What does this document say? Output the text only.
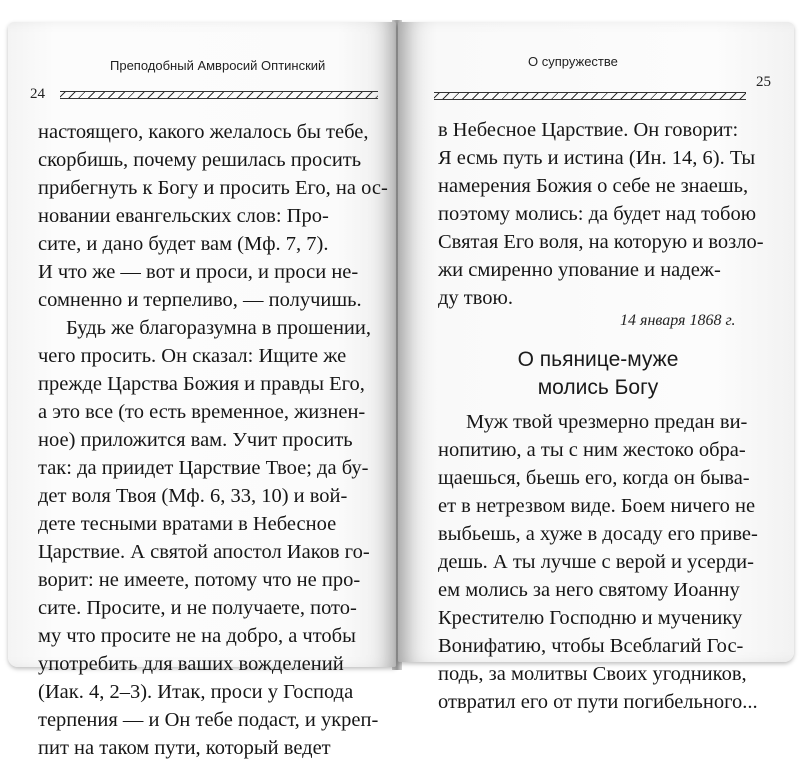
Преподобный Амвросий Оптинский
24
настоящего, какого желалось бы тебе,
скорбишь, почему решилась просить
прибегнуть к Богу и просить Его, на ос-
новании евангельских слов: Про-
сите, и дано будет вам (Мф. 7, 7).
И что же — вот и проси, и проси не-
сомненно и терпеливо, — получишь.
Будь же благоразумна в прошении,
чего просить. Он сказал: Ищите же
прежде Царства Божия и правды Его,
а это все (то есть временное, жизнен-
ное) приложится вам. Учит просить
так: да приидет Царствие Твое; да бу-
дет воля Твоя (Мф. 6, 33, 10) и вой-
дете тесными вратами в Небесное
Царствие. А святой апостол Иаков го-
ворит: не имеете, потому что не про-
сите. Просите, и не получаете, пото-
му что просите не на добро, а чтобы
употребить для ваших вожделений
(Иак. 4, 2–3). Итак, проси у Господа
терпения — и Он тебе подаст, и укреп-
пит на таком пути, который ведет
О супружестве
25
в Небесное Царствие. Он говорит:
Я есмь путь и истина (Ин. 14, 6). Ты
намерения Божия о себе не знаешь,
поэтому молись: да будет над тобою
Святая Его воля, на которую и возло-
жи смиренно упование и надеж-
ду твою.
14 января 1868 г.
О пьянице-муже
молись Богу
Муж твой чрезмерно предан ви-
нопитию, а ты с ним жестоко обра-
щаешься, бьешь его, когда он быва-
ет в нетрезвом виде. Боем ничего не
выбьешь, а хуже в досаду его приве-
дешь. А ты лучше с верой и усерди-
ем молись за него святому Иоанну
Крестителю Господню и мученику
Вонифатию, чтобы Всеблагий Гос-
подь, за молитвы Своих угодников,
отвратил его от пути погибельного...
